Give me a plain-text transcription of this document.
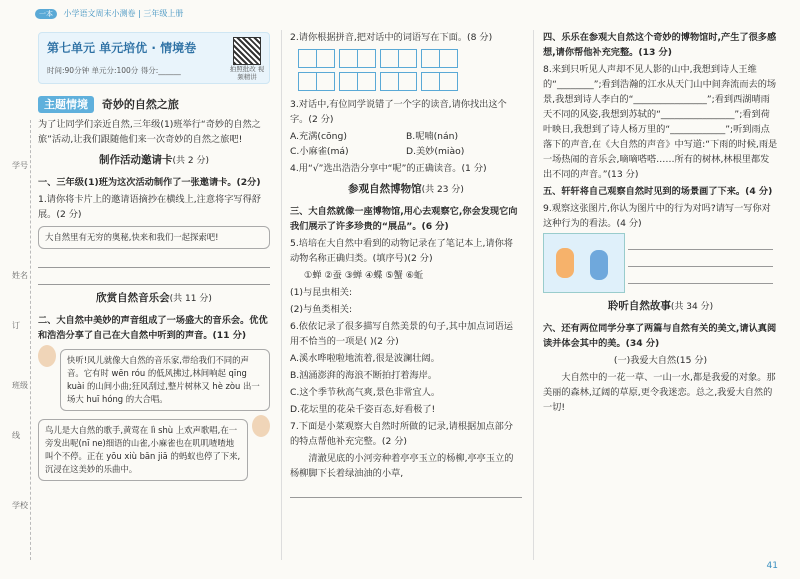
一本 小学语文周末小测卷 | 三年级上册
学号
姓名
订
班级
线
学校
第七单元 单元培优 · 情境卷
时间:90分钟 单元分:100分 得分:______	拍照批改 视频精讲
主题情境 奇妙的自然之旅

为了让同学们亲近自然,三年级(1)班举行“奇妙的自然之旅”活动,让我们跟随他们来一次奇妙的自然之旅吧!

制作活动邀请卡(共 2 分)

一、三年级(1)班为这次活动制作了一张邀请卡。(2分)

1.请你将卡片上的邀请语摘抄在横线上,注意将字写得舒展。(2 分)

大自然里有无穷的奥秘,快来和我们一起探索吧!
欣赏自然音乐会(共 11 分)

二、大自然中美妙的声音组成了一场盛大的音乐会。优优和浩浩分享了自己在大自然中听到的声音。(11 分)

快听!风儿就像大自然的音乐家,带给我们不同的声音。它有时 wēn róu 的低风拂过,林间响起 qīng kuài 的山间小曲;狂风刮过,整片树林又 hè zòu 出一场大 huī hóng 的大合唱。
鸟儿是大自然的歌手,黄莺在 lì shù 上欢声歌唱,在一旁发出呢(nī ne)细语的山雀,小麻雀也在叽叽喳喳地叫个不停。正在 yōu xiù bān jiā 的蚂蚁也停了下来,沉浸在这美妙的乐曲中。

2.请你根据拼音,把对话中的词语写在下面。(8 分)

3.对话中,有位同学说错了一个字的读音,请你找出这个字。(2 分)

A.充满(cōng)	B.呢喃(nán)
C.小麻雀(má)	D.美妙(miào)

4.用“√”选出浩浩分享中“呢”的正确读音。(1 分)

参观自然博物馆(共 23 分)

三、大自然就像一座博物馆,用心去观察它,你会发现它向我们展示了许多珍贵的“展品”。(6 分)

5.培培在大自然中看到的动物记录在了笔记本上,请你将动物名称正确归类。(填序号)(2 分)

①蝉 ②蚕 ③蝉 ④蝶 ⑤蟹 ⑥蚯

(1)与昆虫相关:

(2)与鱼类相关:

6.依依记录了很多描写自然美景的句子,其中加点词语运用不恰当的一项是( )(2 分)

A.溪水哗啦啦地流着,很是波澜壮阔。

B.汹涌澎湃的海浪不断拍打着海岸。

C.这个季节秋高气爽,景色非常宜人。

D.花坛里的花朵千姿百态,好看极了!

7.下面是小菜观察大自然时所做的记录,请根据加点部分的特点帮他补充完整。(2 分)

清澈见底的小河旁种着亭亭玉立的杨柳,亭亭玉立的杨柳脚下长着绿油油的小草,

四、乐乐在参观大自然这个奇妙的博物馆时,产生了很多感想,请你帮他补充完整。(13 分)

8.来到只听见人声却不见人影的山中,我想到诗人王维的“________”;看到浩瀚的江水从天门山中间奔流而去的场景,我想到诗人李白的“________________”;看到西湖晴雨天不同的风姿,我想到苏轼的“________________”;看到荷叶映日,我想到了诗人杨万里的“____________”;听到雨点落下的声音,在《大自然的声音》中写道:“下雨的时候,雨是一场热闹的音乐会,嘀嘀嗒嗒……所有的树林,林根里都发出不同的声音。”(13 分)

五、轩轩将自己观察自然时见到的场景画了下来。(4 分)

9.观察这张图片,你认为图片中的行为对吗?请写一写你对这种行为的看法。(4 分)

聆听自然故事(共 34 分)

六、还有两位同学分享了两篇与自然有关的美文,请认真阅读并体会其中的美。(34 分)

(一)我爱大自然(15 分)

大自然中的一花一草、一山一水,都是我爱的对象。那美丽的森林,辽阔的草原,更令我迷恋。总之,我爱大自然的一切!

41
